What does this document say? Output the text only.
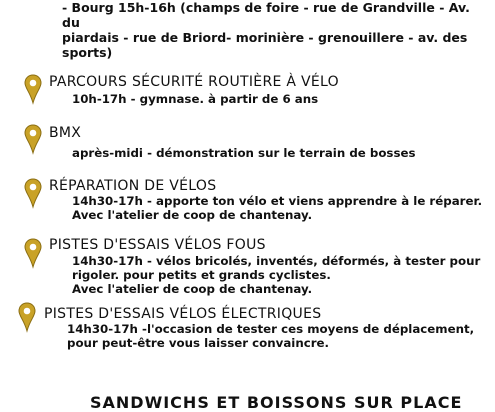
- Bourg 15h-16h (champs de foire - rue de Grandville - Av. du
piardais - rue de Briord- morinière - grenouillere - av. des
sports)
PARCOURS SÉCURITÉ ROUTIÈRE À VÉLO
10h-17h - gymnase. à partir de 6 ans
BMX
après-midi - démonstration sur le terrain de bosses
RÉPARATION DE VÉLOS
14h30-17h - apporte ton vélo et viens apprendre à le réparer.
Avec l'atelier de coop de chantenay.
PISTES D'ESSAIS VÉLOS FOUS
14h30-17h - vélos bricolés, inventés, déformés, à tester pour
rigoler. pour petits et grands cyclistes.
Avec l'atelier de coop de chantenay.
PISTES D'ESSAIS VÉLOS ÉLECTRIQUES
14h30-17h -l'occasion de tester ces moyens de déplacement,
pour peut-être vous laisser convaincre.
SANDWICHS ET BOISSONS SUR PLACE
